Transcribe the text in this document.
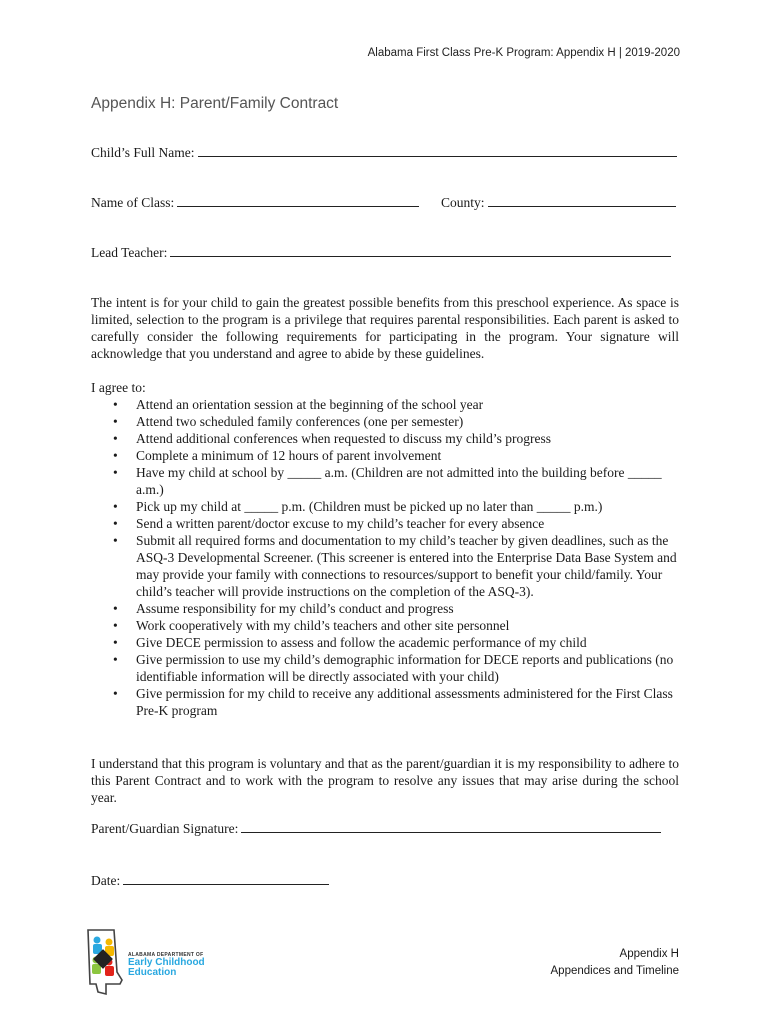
Alabama First Class Pre-K Program: Appendix H | 2019-2020
Appendix H: Parent/Family Contract
Child’s Full Name:
Name of Class:	County:
Lead Teacher:

The intent is for your child to gain the greatest possible benefits from this preschool experience. As space is limited, selection to the program is a privilege that requires parental responsibilities. Each parent is asked to carefully consider the following requirements for participating in the program. Your signature will acknowledge that you understand and agree to abide by these guidelines.

I agree to:
• Attend an orientation session at the beginning of the school year
• Attend two scheduled family conferences (one per semester)
• Attend additional conferences when requested to discuss my child’s progress
• Complete a minimum of 12 hours of parent involvement
• Have my child at school by _____ a.m. (Children are not admitted into the building before _____ a.m.)
• Pick up my child at _____ p.m. (Children must be picked up no later than _____ p.m.)
• Send a written parent/doctor excuse to my child’s teacher for every absence
• Submit all required forms and documentation to my child’s teacher by given deadlines, such as the ASQ-3 Developmental Screener. (This screener is entered into the Enterprise Data Base System and may provide your family with connections to resources/support to benefit your child/family. Your child’s teacher will provide instructions on the completion of the ASQ-3).
• Assume responsibility for my child’s conduct and progress
• Work cooperatively with my child’s teachers and other site personnel
• Give DECE permission to assess and follow the academic performance of my child
• Give permission to use my child’s demographic information for DECE reports and publications (no identifiable information will be directly associated with your child)
• Give permission for my child to receive any additional assessments administered for the First Class Pre-K program

I understand that this program is voluntary and that as the parent/guardian it is my responsibility to adhere to this Parent Contract and to work with the program to resolve any issues that may arise during the school year.

Parent/Guardian Signature:
Date:
ALABAMA DEPARTMENT OF
Early Childhood
Education
Appendix H
Appendices and Timeline
